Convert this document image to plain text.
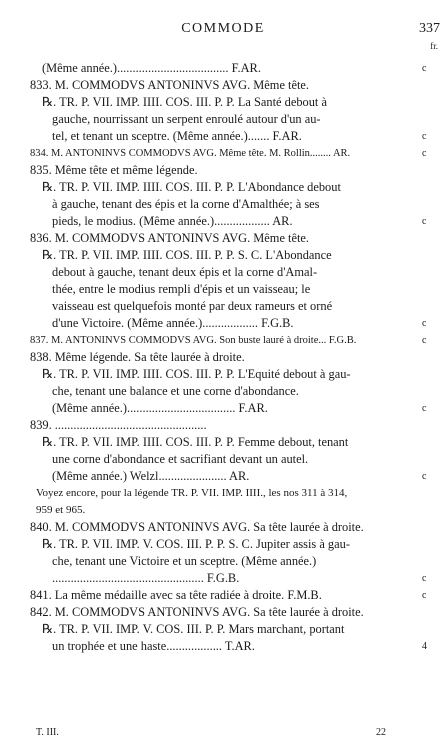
COMMODE	337
fr.
(Même année.).................................... F.AR.	c
833. M. COMMODVS ANTONINVS AVG. Même tête.
℞. TR. P. VII. IMP. IIII. COS. III. P. P. La Santé debout à
gauche, nourrissant un serpent enroulé autour d'un au-
tel, et tenant un sceptre. (Même année.)....... F.AR.	c
834. M. ANTONINVS COMMODVS AVG. Même tête. M. Rollin........ AR.	c
835. Même tête et même légende.
℞. TR. P. VII. IMP. IIII. COS. III. P. P. L'Abondance debout
à gauche, tenant des épis et la corne d'Amalthée; à ses
pieds, le modius. (Même année.).................. AR.	c
836. M. COMMODVS ANTONINVS AVG. Même tête.
℞. TR. P. VII. IMP. IIII. COS. III. P. P. S. C. L'Abondance
debout à gauche, tenant deux épis et la corne d'Amal-
thée, entre le modius rempli d'épis et un vaisseau; le
vaisseau est quelquefois monté par deux rameurs et orné
d'une Victoire. (Même année.).................. F.G.B.	c
837. M. ANTONINVS COMMODVS AVG. Son buste lauré à droite... F.G.B.	c
838. Même légende. Sa tête laurée à droite.
℞. TR. P. VII. IMP. IIII. COS. III. P. P. L'Equité debout à gau-
che, tenant une balance et une corne d'abondance.
(Même année.)................................... F.AR.	c
839. .................................................
℞. TR. P. VII. IMP. IIII. COS. III. P. P. Femme debout, tenant
une corne d'abondance et sacrifiant devant un autel.
(Même année.) Welzl...................... AR.	c
Voyez encore, pour la légende TR. P. VII. IMP. IIII., les nos 311 à 314,
959 et 965.
840. M. COMMODVS ANTONINVS AVG. Sa tête laurée à droite.
℞. TR. P. VII. IMP. V. COS. III. P. P. S. C. Jupiter assis à gau-
che, tenant une Victoire et un sceptre. (Même année.)
................................................. F.G.B.	c
841. La même médaille avec sa tête radiée à droite. F.M.B.	c
842. M. COMMODVS ANTONINVS AVG. Sa tête laurée à droite.
℞. TR. P. VII. IMP. V. COS. III. P. P. Mars marchant, portant
un trophée et une haste.................. T.AR.	4
T. III.	22
